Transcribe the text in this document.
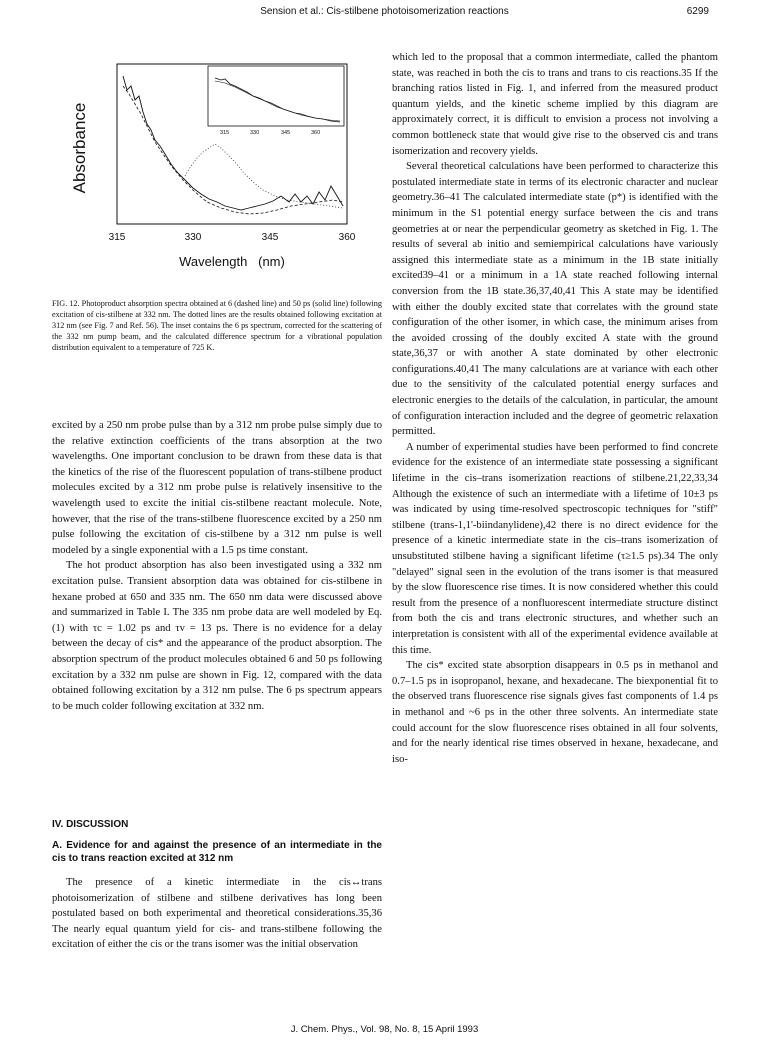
Sension et al.: Cis-stilbene photoisomerization reactions	6299
Absorbance	315	330	345	360
315	330	345	360
Wavelength   (nm)
FIG. 12. Photoproduct absorption spectra obtained at 6 (dashed line) and 50 ps (solid line) following excitation of cis-stilbene at 332 nm. The dotted lines are the results obtained following excitation at 312 nm (see Fig. 7 and Ref. 56). The inset contains the 6 ps spectrum, corrected for the scattering of the 332 nm pump beam, and the calculated difference spectrum for a vibrational population distribution equivalent to a temperature of 725 K.

excited by a 250 nm probe pulse than by a 312 nm probe pulse simply due to the relative extinction coefficients of the trans absorption at the two wavelengths. One important conclusion to be drawn from these data is that the kinetics of the rise of the fluorescent population of trans-stilbene product molecules excited by a 312 nm probe pulse is relatively insensitive to the wavelength used to excite the initial cis-stilbene reactant molecule. Note, however, that the rise of the trans-stilbene fluorescence excited by a 250 nm pulse following the excitation of cis-stilbene by a 312 nm pulse is well modeled by a single exponential with a 1.5 ps time constant.

The hot product absorption has also been investigated using a 332 nm excitation pulse. Transient absorption data was obtained for cis-stilbene in hexane probed at 650 and 335 nm. The 650 nm data were discussed above and summarized in Table I. The 335 nm probe data are well modeled by Eq. (1) with τc = 1.02 ps and τv = 13 ps. There is no evidence for a delay between the decay of cis* and the appearance of the product absorption. The absorption spectrum of the product molecules obtained 6 and 50 ps following excitation by a 332 nm pulse are shown in Fig. 12, compared with the data obtained following excitation by a 312 nm pulse. The 6 ps spectrum appears to be much colder following excitation at 332 nm.

IV. DISCUSSION

A. Evidence for and against the presence of an intermediate in the cis to trans reaction excited at 312 nm

The presence of a kinetic intermediate in the cis↔trans photoisomerization of stilbene and stilbene derivatives has long been postulated based on both experimental and theoretical considerations.35,36 The nearly equal quantum yield for cis- and trans-stilbene following the excitation of either the cis or the trans isomer was the initial observation

which led to the proposal that a common intermediate, called the phantom state, was reached in both the cis to trans and trans to cis reactions.35 If the branching ratios listed in Fig. 1, and inferred from the measured product quantum yields, and the kinetic scheme implied by this diagram are approximately correct, it is difficult to envision a process not involving a common bottleneck state that would give rise to the observed cis and trans isomerization and recovery yields.

Several theoretical calculations have been performed to characterize this postulated intermediate state in terms of its electronic character and nuclear geometry.36–41 The calculated intermediate state (p*) is identified with the minimum in the S1 potential energy surface between the cis and trans geometries at or near the perpendicular geometry as sketched in Fig. 1. The results of several ab initio and semiempirical calculations have variously assigned this intermediate state as a minimum in the 1B state initially excited39–41 or a minimum in a 1A state reached following internal conversion from the 1B state.36,37,40,41 This A state may be identified with either the doubly excited state that correlates with the ground state configuration of the other isomer, in which case, the minimum arises from the avoided crossing of the doubly excited A state with the ground state,36,37 or with another A state dominated by other electronic configurations.40,41 The many calculations are at variance with each other due to the sensitivity of the calculated potential energy surfaces and electronic energies to the details of the calculation, in particular, the amount of configuration interaction included and the degree of geometric relaxation permitted.

A number of experimental studies have been performed to find concrete evidence for the existence of an intermediate state possessing a significant lifetime in the cis–trans isomerization reactions of stilbene.21,22,33,34 Although the existence of such an intermediate with a lifetime of 10±3 ps was indicated by using time-resolved spectroscopic techniques for "stiff" stilbene (trans-1,1'-biindanylidene),42 there is no direct evidence for the presence of a kinetic intermediate state in the cis–trans isomerization of unsubstituted stilbene having a significant lifetime (τ≥1.5 ps).34 The only "delayed" signal seen in the evolution of the trans isomer is that measured by the slow fluorescence rise times. It is now considered whether this could result from the presence of a nonfluorescent intermediate structure distinct from both the cis and trans electronic structures, and whether such an interpretation is consistent with all of the experimental evidence available at this time.

The cis* excited state absorption disappears in 0.5 ps in methanol and 0.7–1.5 ps in isopropanol, hexane, and hexadecane. The biexponential fit to the observed trans fluorescence rise signals gives fast components of 1.4 ps in methanol and ~6 ps in the other three solvents. An intermediate state could account for the slow fluorescence rises obtained in all four solvents, and for the nearly identical rise times observed in hexane, hexadecane, and iso-

J. Chem. Phys., Vol. 98, No. 8, 15 April 1993
